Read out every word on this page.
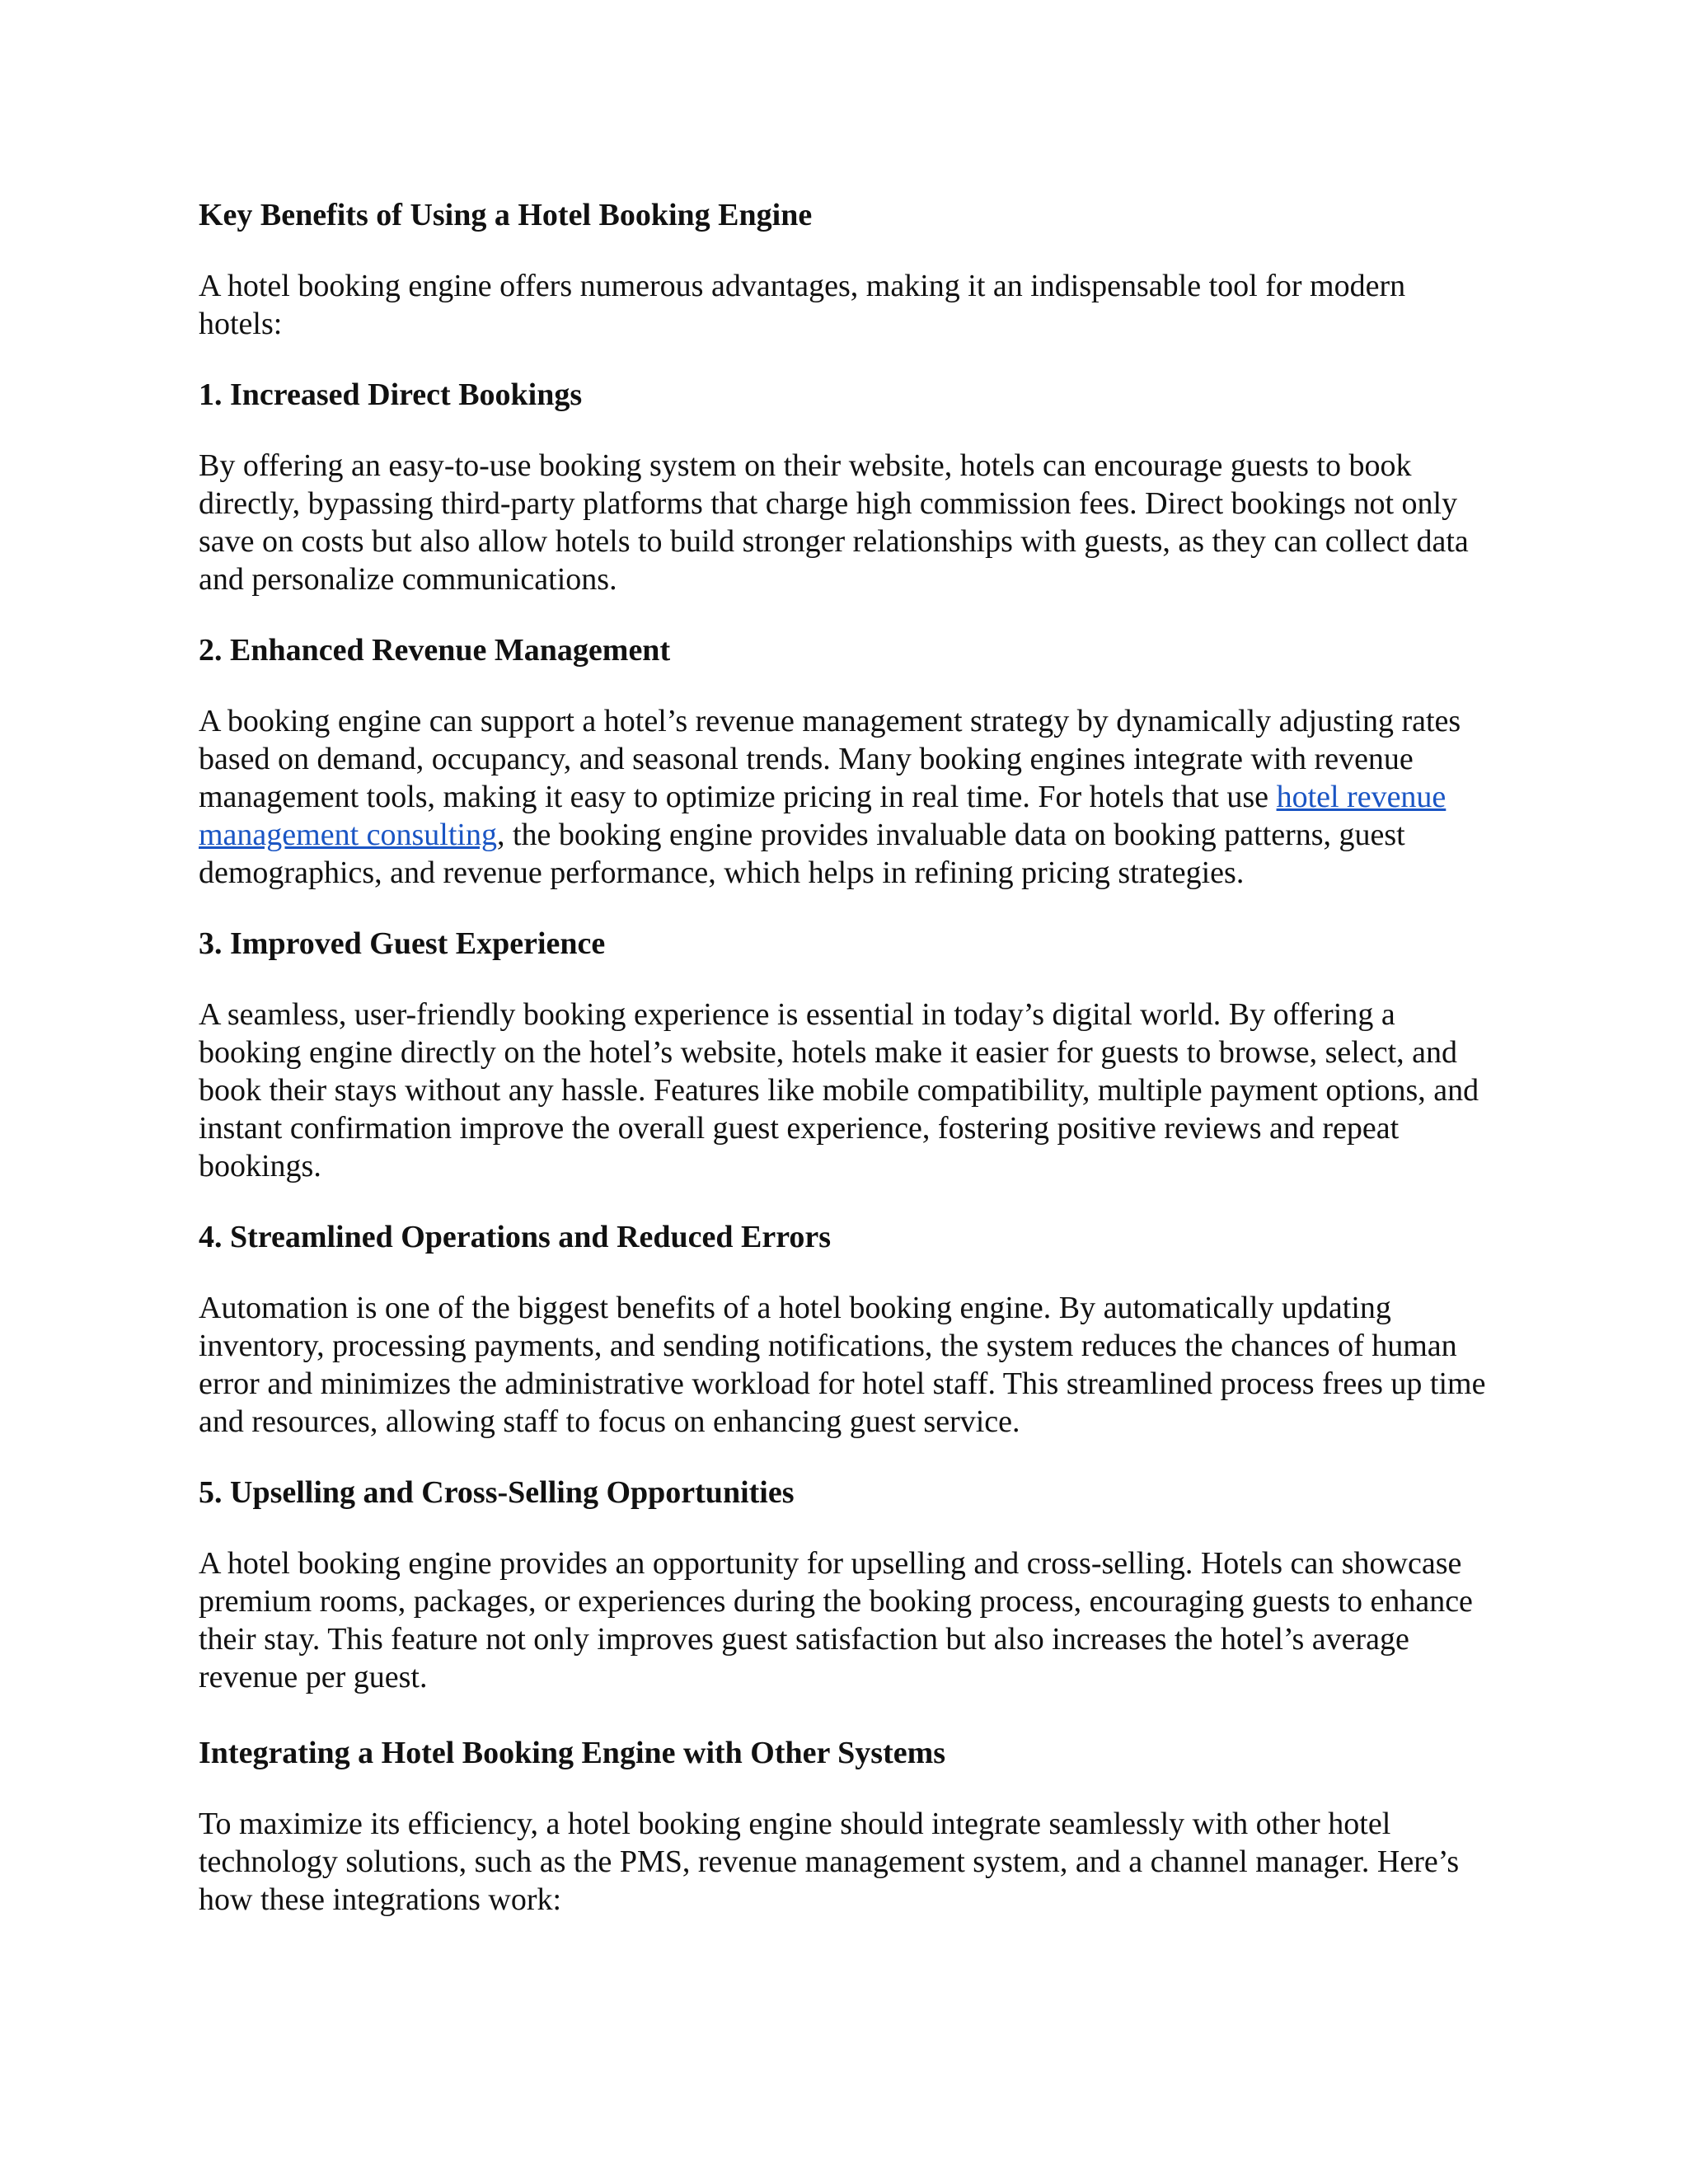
Key Benefits of Using a Hotel Booking Engine

A hotel booking engine offers numerous advantages, making it an indispensable tool for modern hotels:

1. Increased Direct Bookings

By offering an easy-to-use booking system on their website, hotels can encourage guests to book directly, bypassing third-party platforms that charge high commission fees. Direct bookings not only save on costs but also allow hotels to build stronger relationships with guests, as they can collect data and personalize communications.

2. Enhanced Revenue Management

A booking engine can support a hotel’s revenue management strategy by dynamically adjusting rates based on demand, occupancy, and seasonal trends. Many booking engines integrate with revenue management tools, making it easy to optimize pricing in real time. For hotels that use hotel revenue management consulting, the booking engine provides invaluable data on booking patterns, guest demographics, and revenue performance, which helps in refining pricing strategies.

3. Improved Guest Experience

A seamless, user-friendly booking experience is essential in today’s digital world. By offering a booking engine directly on the hotel’s website, hotels make it easier for guests to browse, select, and book their stays without any hassle. Features like mobile compatibility, multiple payment options, and instant confirmation improve the overall guest experience, fostering positive reviews and repeat bookings.

4. Streamlined Operations and Reduced Errors

Automation is one of the biggest benefits of a hotel booking engine. By automatically updating inventory, processing payments, and sending notifications, the system reduces the chances of human error and minimizes the administrative workload for hotel staff. This streamlined process frees up time and resources, allowing staff to focus on enhancing guest service.

5. Upselling and Cross-Selling Opportunities

A hotel booking engine provides an opportunity for upselling and cross-selling. Hotels can showcase premium rooms, packages, or experiences during the booking process, encouraging guests to enhance their stay. This feature not only improves guest satisfaction but also increases the hotel’s average revenue per guest.

Integrating a Hotel Booking Engine with Other Systems

To maximize its efficiency, a hotel booking engine should integrate seamlessly with other hotel technology solutions, such as the PMS, revenue management system, and a channel manager. Here’s how these integrations work:
